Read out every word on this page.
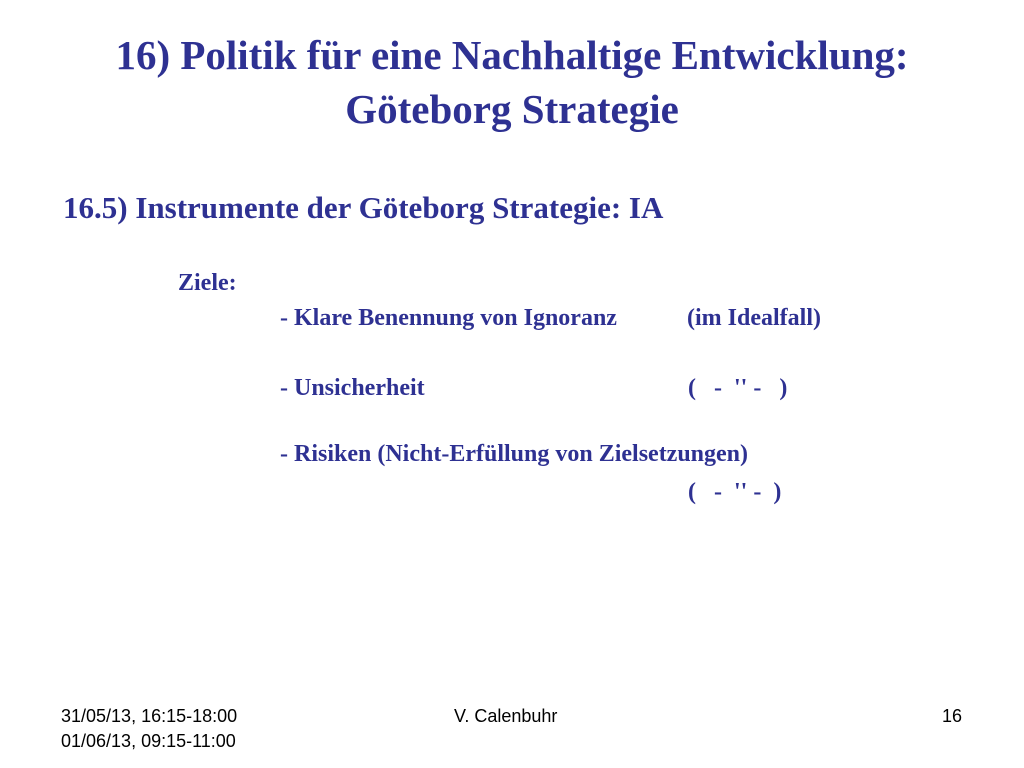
16) Politik für eine Nachhaltige Entwicklung:
Göteborg Strategie
16.5) Instrumente der Göteborg Strategie: IA
Ziele:
- Klare Benennung von Ignoranz	(im Idealfall)
- Unsicherheit	(   -  '' -   )
- Risiken (Nicht-Erfüllung von Zielsetzungen)
(   -  '' -  )
31/05/13, 16:15-18:00
01/06/13, 09:15-11:00
V. Calenbuhr	16
